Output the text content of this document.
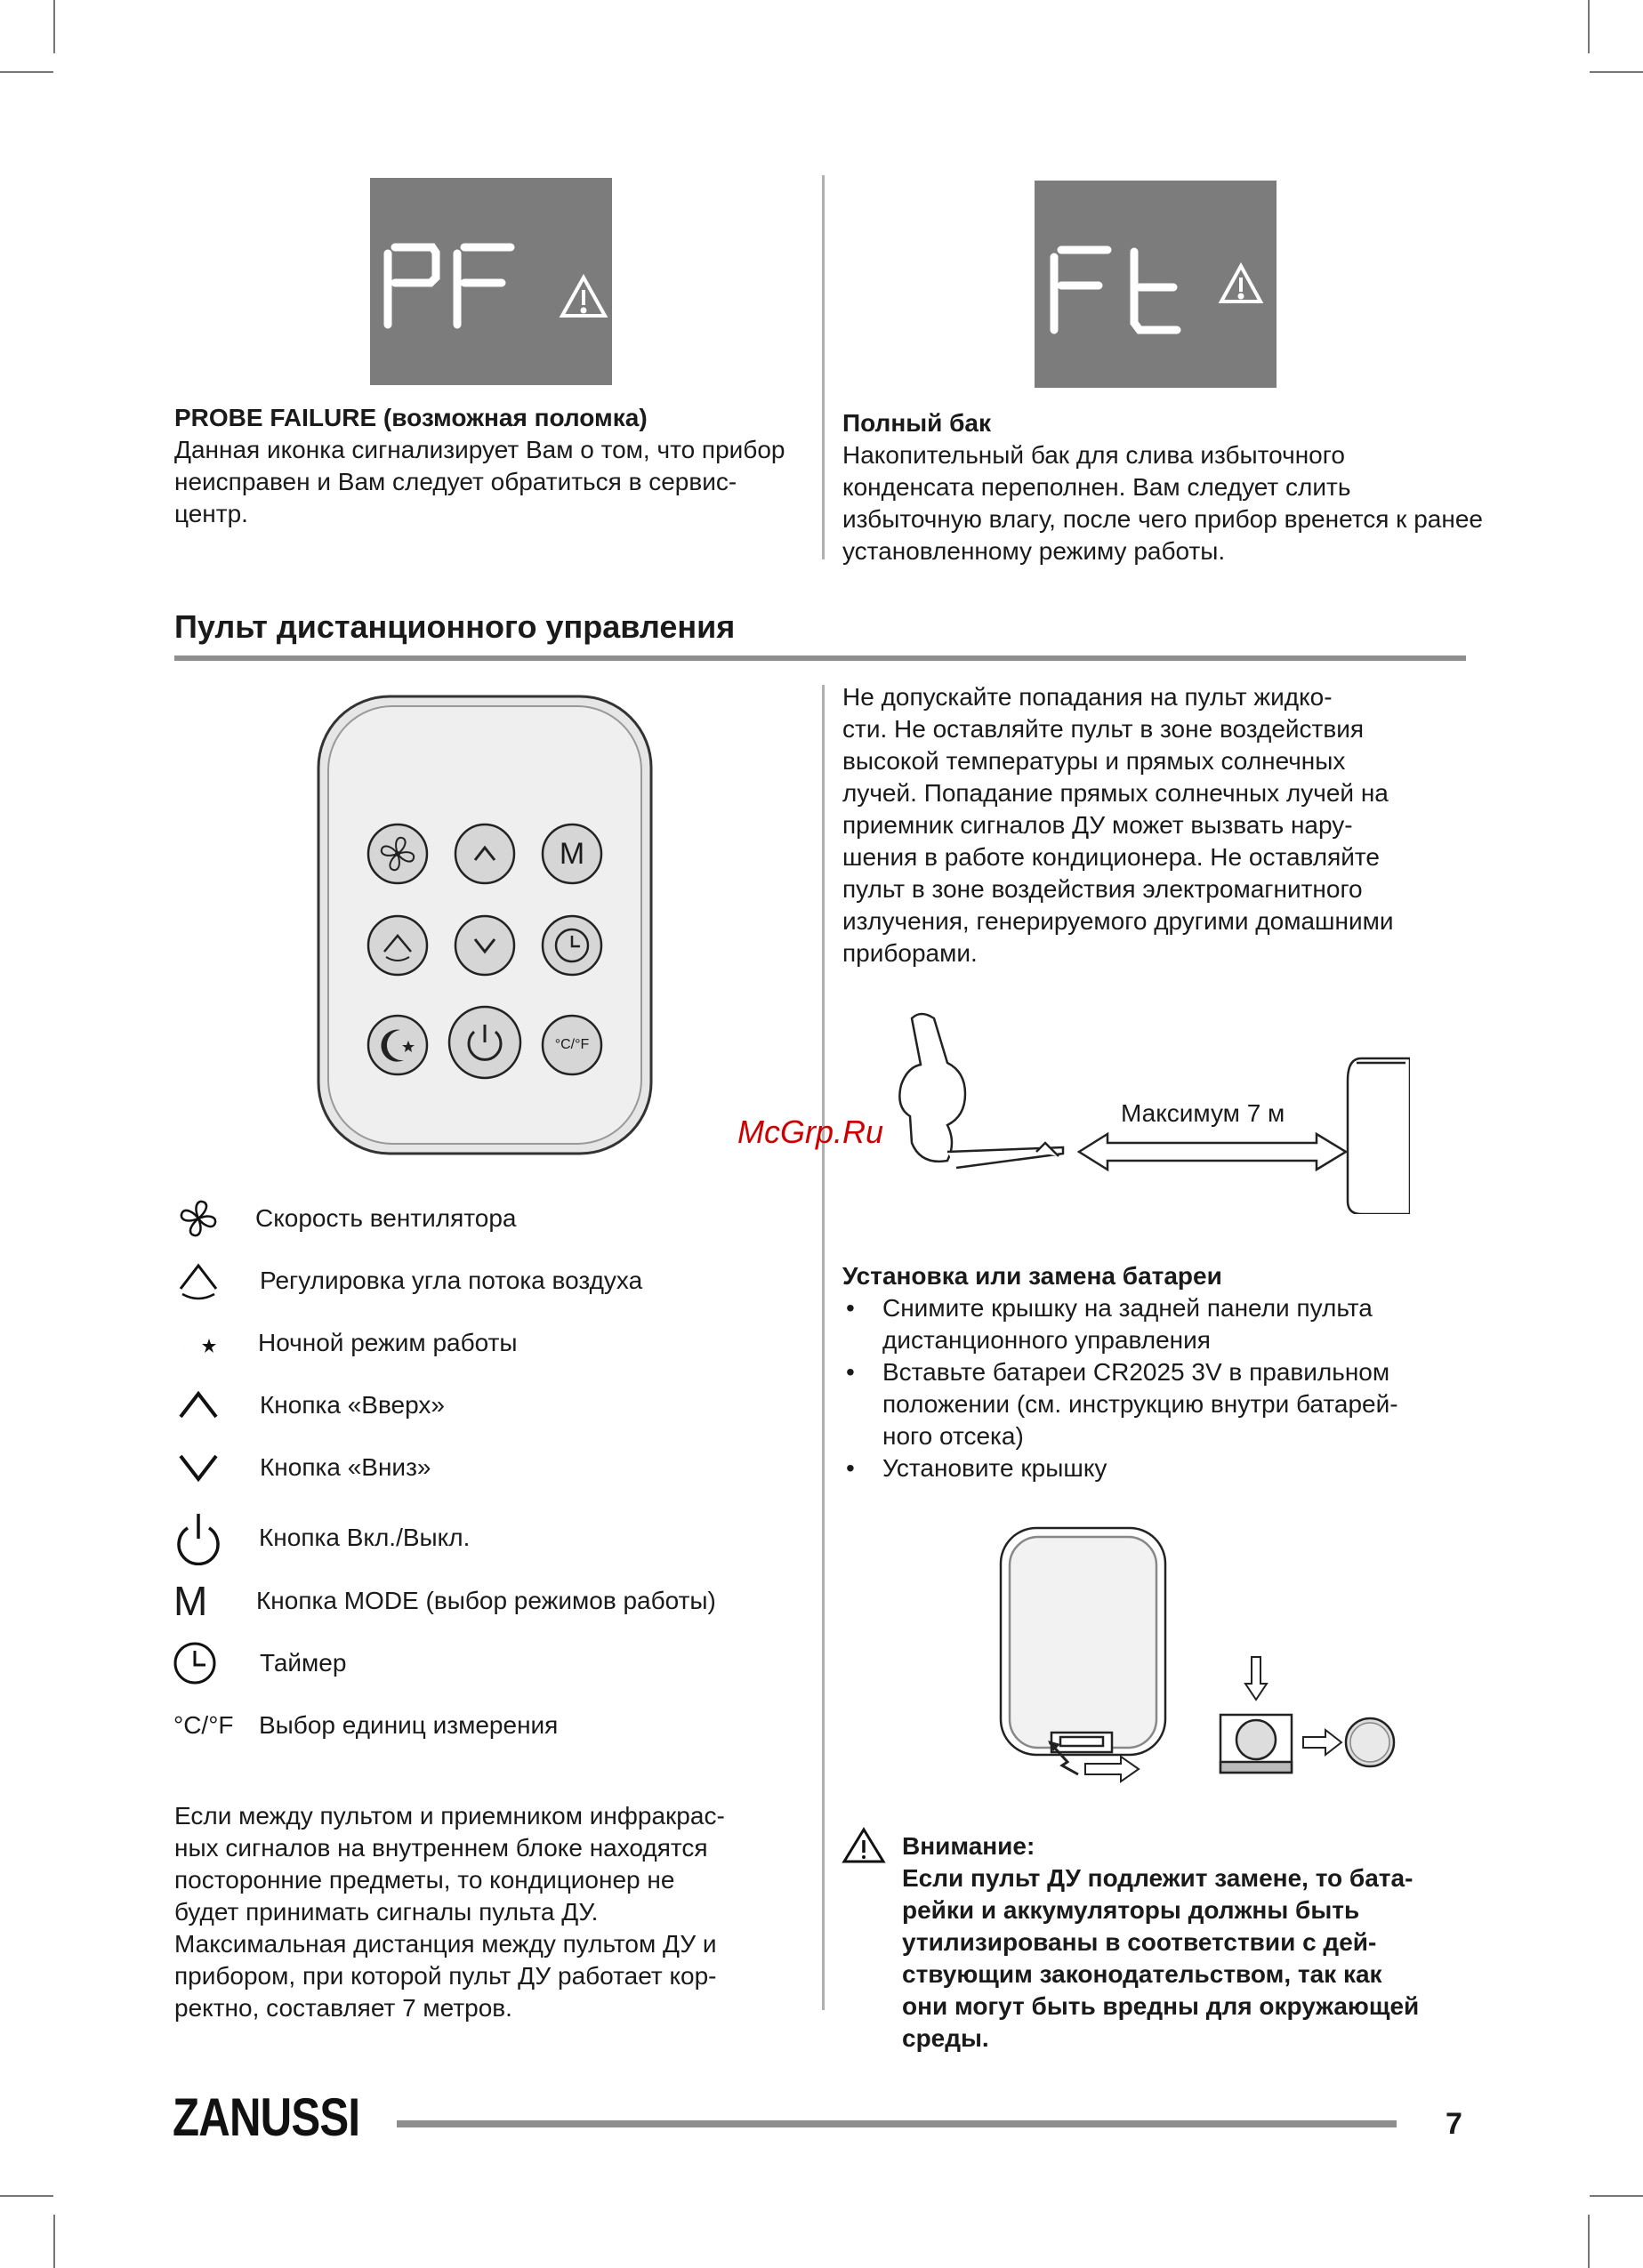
PROBE FAILURE (возможная поломка)
Данная иконка сигнализирует Вам о том, что прибор неисправен и Вам следует обратиться в сервис-центр.
Полный бак
Накопительный бак для слива избыточного конденсата переполнен. Вам следует слить избыточную влагу, после чего прибор вренется к ранее установленному режиму работы.
Пульт дистанционного управления
M
°C/°F
Скорость вентилятора
Регулировка угла потока воздуха
Ночной режим работы
Кнопка «Вверх»
Кнопка «Вниз»
Кнопка Вкл./Выкл.
M	Кнопка MODE (выбор режимов работы)
Таймер
°C/°F	Выбор единиц измерения
Если между пультом и приемником инфракрас-
ных сигналов на внутреннем блоке находятся
посторонние предметы, то кондиционер не
будет принимать сигналы пульта ДУ.
Максимальная дистанция между пультом ДУ и
прибором, при которой пульт ДУ работает кор-
ректно, составляет 7 метров.
Не допускайте попадания на пульт жидко-
сти. Не оставляйте пульт в зоне воздействия
высокой температуры и прямых солнечных
лучей. Попадание прямых солнечных лучей на
приемник сигналов ДУ может вызвать нару-
шения в работе кондиционера. Не оставляйте
пульт в зоне воздействия электромагнитного
излучения, генерируемого другими домашними
приборами.
Максимум 7 м
McGrp.Ru
Установка или замена батареи
• Снимите крышку на задней панели пульта
дистанционного управления
• Вставьте батареи CR2025 3V в правильном
положении (см. инструкцию внутри батарей-
ного отсека)
• Установите крышку
Внимание:
Если пульт ДУ подлежит замене, то бата-
рейки и аккумуляторы должны быть
утилизированы в соответствии с дей-
ствующим законодательством, так как
они могут быть вредны для окружающей
среды.
ZANUSSI	7
